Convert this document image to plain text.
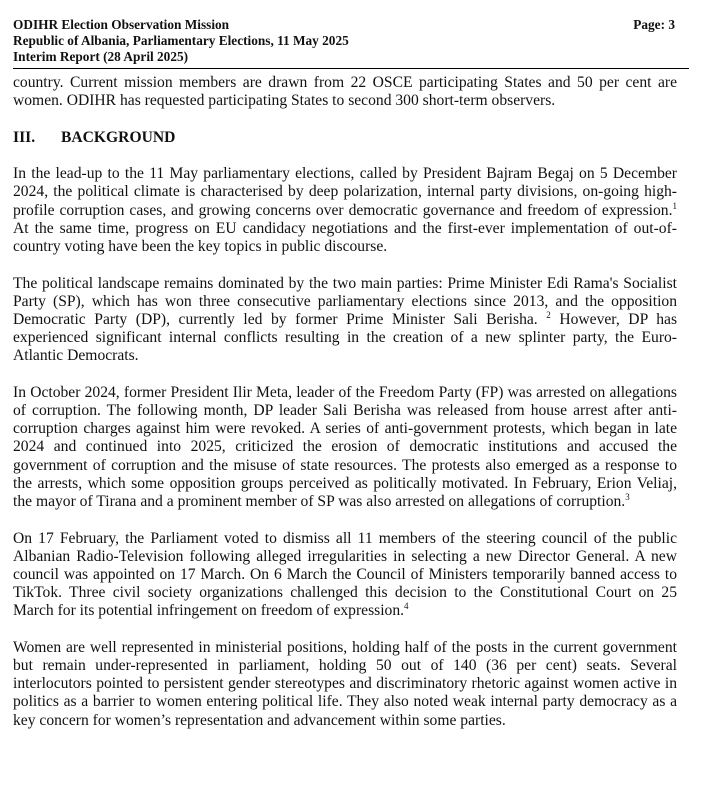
ODIHR Election Observation Mission
Republic of Albania, Parliamentary Elections, 11 May 2025
Interim Report (28 April 2025)
Page: 3

country. Current mission members are drawn from 22 OSCE participating States and 50 per cent are women. ODIHR has requested participating States to second 300 short-term observers.

III.	BACKGROUND

In the lead-up to the 11 May parliamentary elections, called by President Bajram Begaj on 5 December 2024, the political climate is characterised by deep polarization, internal party divisions, on-going high-profile corruption cases, and growing concerns over democratic governance and freedom of expression.$^1$ At the same time, progress on EU candidacy negotiations and the first-ever implementation of out-of-country voting have been the key topics in public discourse.

The political landscape remains dominated by the two main parties: Prime Minister Edi Rama's Socialist Party (SP), which has won three consecutive parliamentary elections since 2013, and the opposition Democratic Party (DP), currently led by former Prime Minister Sali Berisha. $^2$ However, DP has experienced significant internal conflicts resulting in the creation of a new splinter party, the Euro-Atlantic Democrats.

In October 2024, former President Ilir Meta, leader of the Freedom Party (FP) was arrested on allegations of corruption. The following month, DP leader Sali Berisha was released from house arrest after anti-corruption charges against him were revoked. A series of anti-government protests, which began in late 2024 and continued into 2025, criticized the erosion of democratic institutions and accused the government of corruption and the misuse of state resources. The protests also emerged as a response to the arrests, which some opposition groups perceived as politically motivated. In February, Erion Veliaj, the mayor of Tirana and a prominent member of SP was also arrested on allegations of corruption.$^3$

On 17 February, the Parliament voted to dismiss all 11 members of the steering council of the public Albanian Radio-Television following alleged irregularities in selecting a new Director General. A new council was appointed on 17 March. On 6 March the Council of Ministers temporarily banned access to TikTok. Three civil society organizations challenged this decision to the Constitutional Court on 25 March for its potential infringement on freedom of expression.$^4$

Women are well represented in ministerial positions, holding half of the posts in the current government but remain under-represented in parliament, holding 50 out of 140 (36 per cent) seats. Several interlocutors pointed to persistent gender stereotypes and discriminatory rhetoric against women active in politics as a barrier to women entering political life. They also noted weak internal party democracy as a key concern for women’s representation and advancement within some parties.
